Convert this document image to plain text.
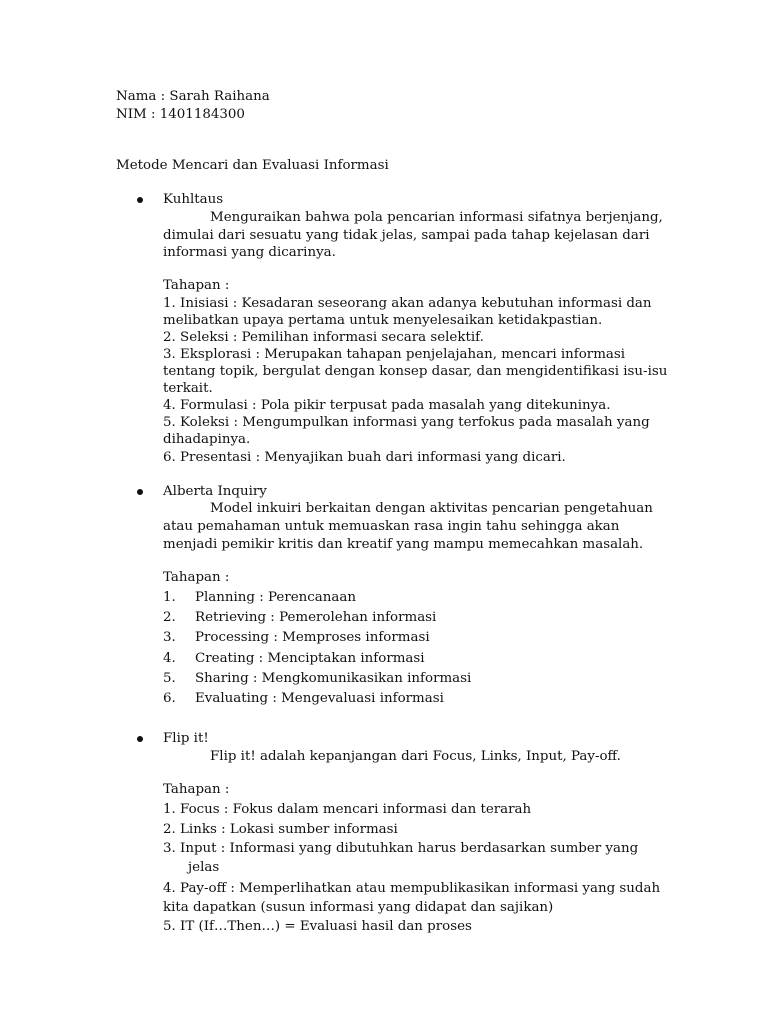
Nama : Sarah Raihana

NIM : 1401184300

Metode Mencari dan Evaluasi Informasi

Kuhltaus

Menguraikan bahwa pola pencarian informasi sifatnya berjenjang,

dimulai dari sesuatu yang tidak jelas, sampai pada tahap kejelasan dari

informasi yang dicarinya.

Tahapan :

1. Inisiasi : Kesadaran seseorang akan adanya kebutuhan informasi dan

melibatkan upaya pertama untuk menyelesaikan ketidakpastian.

2. Seleksi : Pemilihan informasi secara selektif.

3. Eksplorasi : Merupakan tahapan penjelajahan, mencari informasi

tentang topik, bergulat dengan konsep dasar, dan mengidentifikasi isu-isu

terkait.

4. Formulasi : Pola pikir terpusat pada masalah yang ditekuninya.

5. Koleksi : Mengumpulkan informasi yang terfokus pada masalah yang

dihadapinya.

6. Presentasi : Menyajikan buah dari informasi yang dicari.

Alberta Inquiry

Model inkuiri berkaitan dengan aktivitas pencarian pengetahuan

atau pemahaman untuk memuaskan rasa ingin tahu sehingga akan

menjadi pemikir kritis dan kreatif yang mampu memecahkan masalah.

Tahapan :

1. Planning : Perencanaan

2. Retrieving : Pemerolehan informasi

3. Processing : Memproses informasi

4. Creating : Menciptakan informasi

5. Sharing : Mengkomunikasikan informasi

6. Evaluating : Mengevaluasi informasi

Flip it!

Flip it! adalah kepanjangan dari Focus, Links, Input, Pay-off.

Tahapan :

1. Focus : Fokus dalam mencari informasi dan terarah

2. Links : Lokasi sumber informasi

3. Input : Informasi yang dibutuhkan harus berdasarkan sumber yang

jelas

4. Pay-off : Memperlihatkan atau mempublikasikan informasi yang sudah

kita dapatkan (susun informasi yang didapat dan sajikan)

5. IT (If…Then…) = Evaluasi hasil dan proses
